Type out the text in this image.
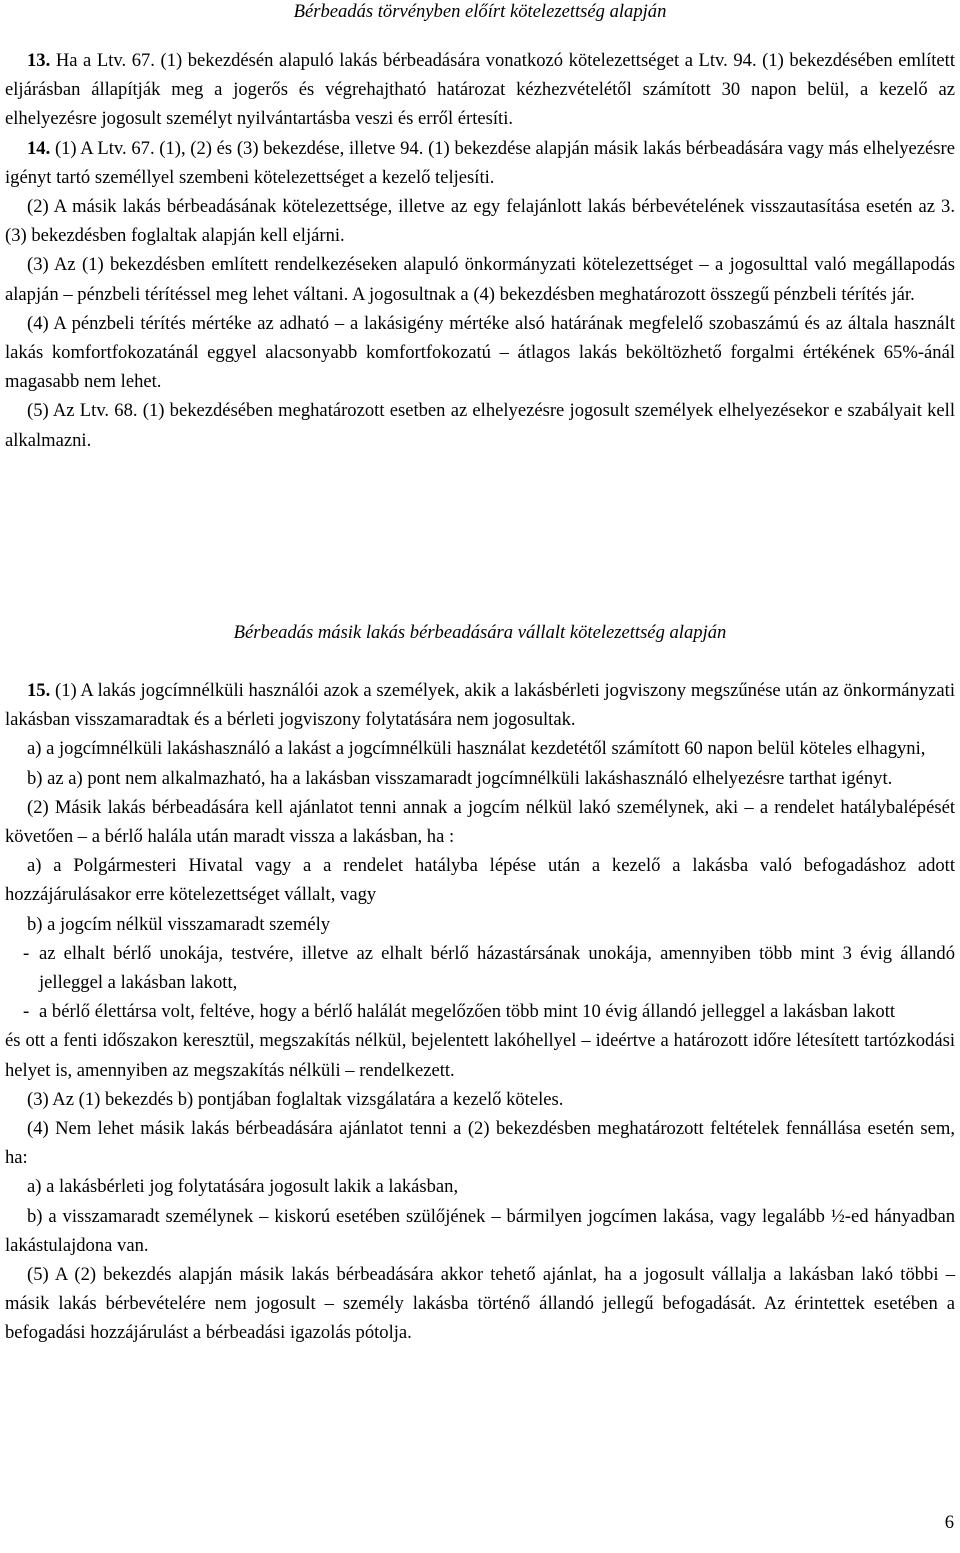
Bérbeadás törvényben előírt kötelezettség alapján

13. Ha a Ltv. 67. (1) bekezdésén alapuló lakás bérbeadására vonatkozó kötelezettséget a Ltv. 94. (1) bekezdésében említett eljárásban állapítják meg a jogerős és végrehajtható határozat kézhezvételétől számított 30 napon belül, a kezelő az elhelyezésre jogosult személyt nyilvántartásba veszi és erről értesíti.

14. (1) A Ltv. 67. (1), (2) és (3) bekezdése, illetve 94. (1) bekezdése alapján másik lakás bérbeadására vagy más elhelyezésre igényt tartó személlyel szembeni kötelezettséget a kezelő teljesíti.

(2) A másik lakás bérbeadásának kötelezettsége, illetve az egy felajánlott lakás bérbevételének visszautasítása esetén az 3. (3) bekezdésben foglaltak alapján kell eljárni.

(3) Az (1) bekezdésben említett rendelkezéseken alapuló önkormányzati kötelezettséget – a jogosulttal való megállapodás alapján – pénzbeli térítéssel meg lehet váltani. A jogosultnak a (4) bekezdésben meghatározott összegű pénzbeli térítés jár.

(4) A pénzbeli térítés mértéke az adható – a lakásigény mértéke alsó határának megfelelő szobaszámú és az általa használt lakás komfortfokozatánál eggyel alacsonyabb komfortfokozatú – átlagos lakás beköltözhető forgalmi értékének 65%-ánál magasabb nem lehet.

(5) Az Ltv. 68. (1) bekezdésében meghatározott esetben az elhelyezésre jogosult személyek elhelyezésekor e szabályait kell alkalmazni.

Bérbeadás másik lakás bérbeadására vállalt kötelezettség alapján

15. (1) A lakás jogcímnélküli használói azok a személyek, akik a lakásbérleti jogviszony megszűnése után az önkormányzati lakásban visszamaradtak és a bérleti jogviszony folytatására nem jogosultak.

a) a jogcímnélküli lakáshasználó a lakást a jogcímnélküli használat kezdetétől számított 60 napon belül köteles elhagyni,

b) az a) pont nem alkalmazható, ha a lakásban visszamaradt jogcímnélküli lakáshasználó elhelyezésre tarthat igényt.

(2) Másik lakás bérbeadására kell ajánlatot tenni annak a jogcím nélkül lakó személynek, aki – a rendelet hatálybalépését követően – a bérlő halála után maradt vissza a lakásban, ha :

a) a Polgármesteri Hivatal vagy a a rendelet hatályba lépése után a kezelő a lakásba való befogadáshoz adott hozzájárulásakor erre kötelezettséget vállalt, vagy

b) a jogcím nélkül visszamaradt személy

- az elhalt bérlő unokája, testvére, illetve az elhalt bérlő házastársának unokája, amennyiben több mint 3 évig állandó jelleggel a lakásban lakott,

- a bérlő élettársa volt, feltéve, hogy a bérlő halálát megelőzően több mint 10 évig állandó jelleggel a lakásban lakott

és ott a fenti időszakon keresztül, megszakítás nélkül, bejelentett lakóhellyel – ideértve a határozott időre létesített tartózkodási helyet is, amennyiben az megszakítás nélküli – rendelkezett.

(3) Az (1) bekezdés b) pontjában foglaltak vizsgálatára a kezelő köteles.

(4) Nem lehet másik lakás bérbeadására ajánlatot tenni a (2) bekezdésben meghatározott feltételek fennállása esetén sem, ha:

a) a lakásbérleti jog folytatására jogosult lakik a lakásban,

b) a visszamaradt személynek – kiskorú esetében szülőjének – bármilyen jogcímen lakása, vagy legalább ½-ed hányadban lakástulajdona van.

(5) A (2) bekezdés alapján másik lakás bérbeadására akkor tehető ajánlat, ha a jogosult vállalja a lakásban lakó többi – másik lakás bérbevételére nem jogosult – személy lakásba történő állandó jellegű befogadását. Az érintettek esetében a befogadási hozzájárulást a bérbeadási igazolás pótolja.

6
